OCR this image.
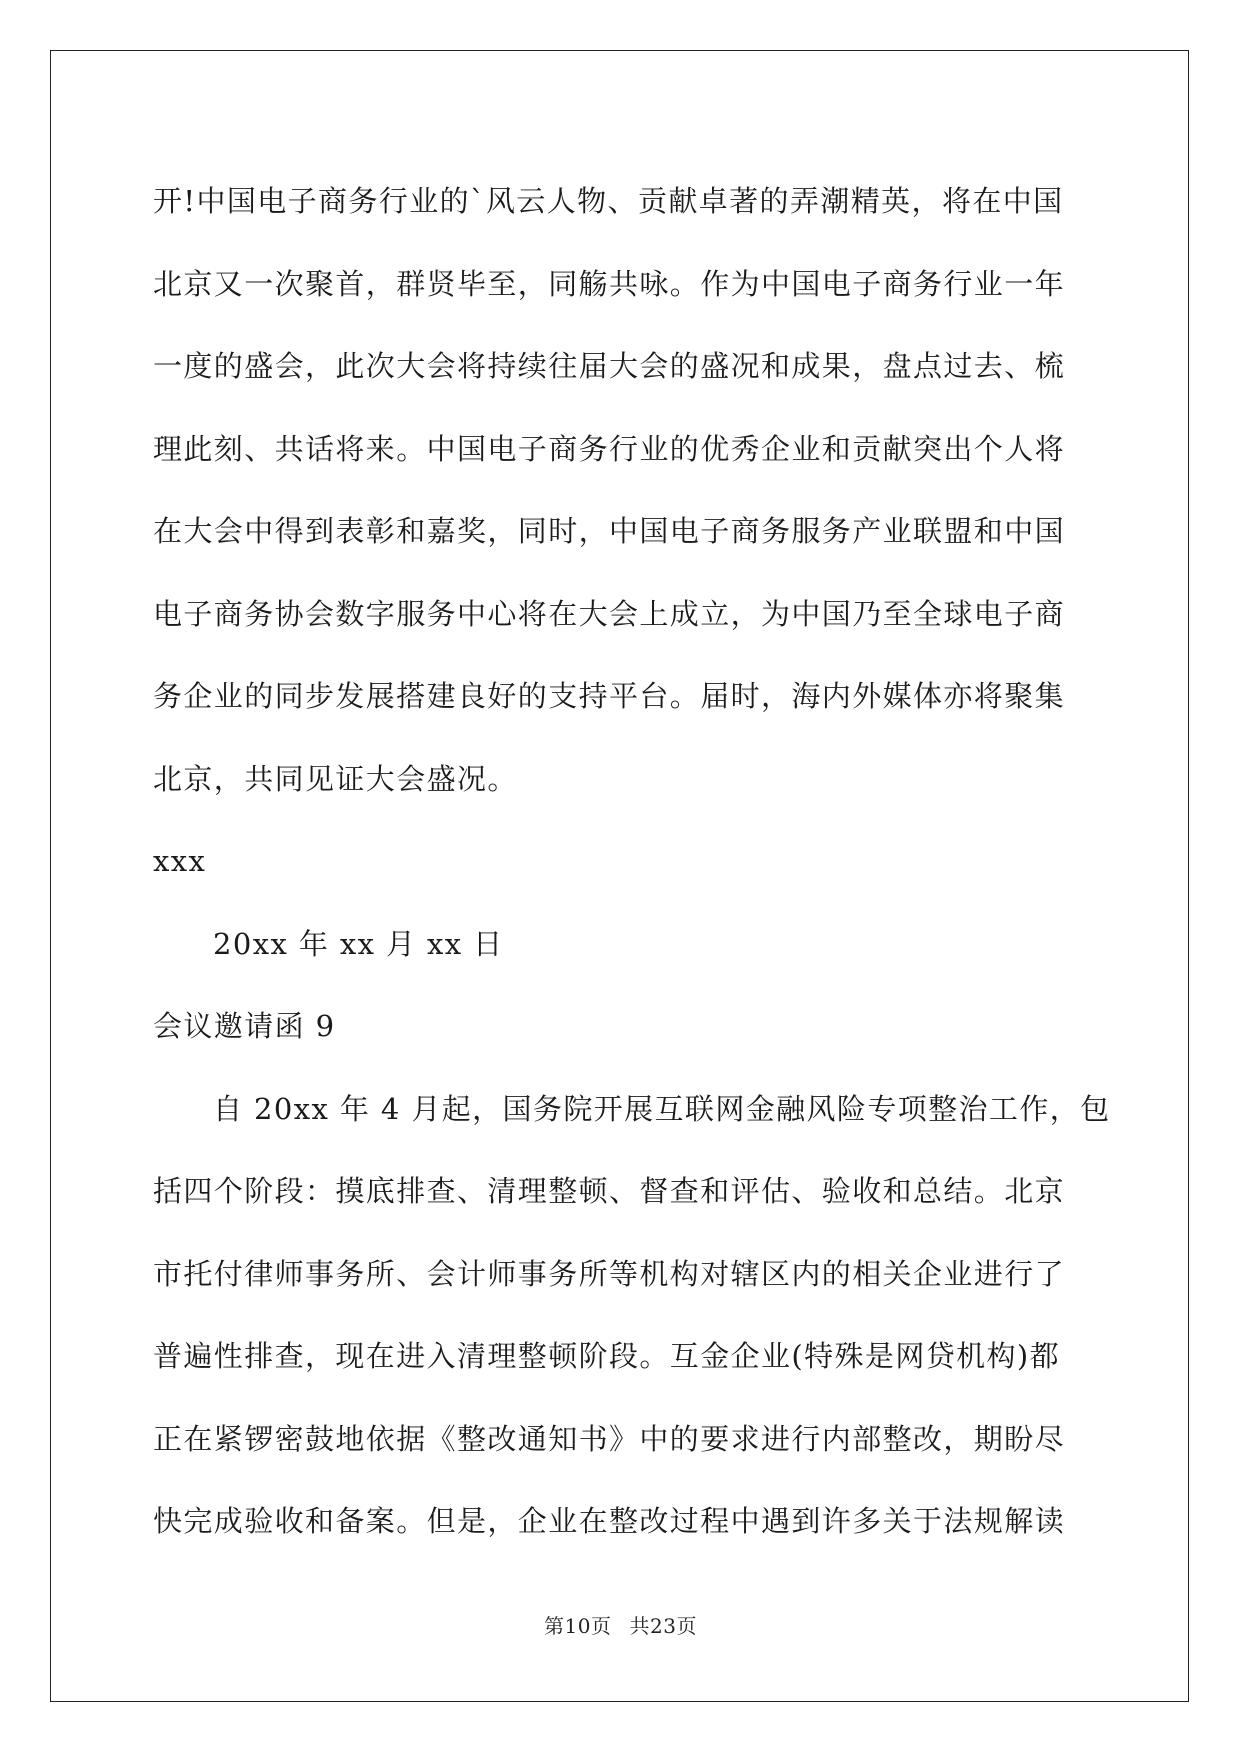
开!中国电子商务行业的`风云人物、贡献卓著的弄潮精英，将在中国
北京又一次聚首，群贤毕至，同觞共咏。作为中国电子商务行业一年
一度的盛会，此次大会将持续往届大会的盛况和成果，盘点过去、梳
理此刻、共话将来。中国电子商务行业的优秀企业和贡献突出个人将
在大会中得到表彰和嘉奖，同时，中国电子商务服务产业联盟和中国
电子商务协会数字服务中心将在大会上成立，为中国乃至全球电子商
务企业的同步发展搭建良好的支持平台。届时，海内外媒体亦将聚集
北京，共同见证大会盛况。

xxx

20xx 年 xx 月 xx 日

会议邀请函 9

自 20xx 年 4 月起，国务院开展互联网金融风险专项整治工作，包
括四个阶段：摸底排查、清理整顿、督查和评估、验收和总结。北京
市托付律师事务所、会计师事务所等机构对辖区内的相关企业进行了
普遍性排查，现在进入清理整顿阶段。互金企业(特殊是网贷机构)都
正在紧锣密鼓地依据《整改通知书》中的要求进行内部整改，期盼尽
快完成验收和备案。但是，企业在整改过程中遇到许多关于法规解读

第10页 共23页
